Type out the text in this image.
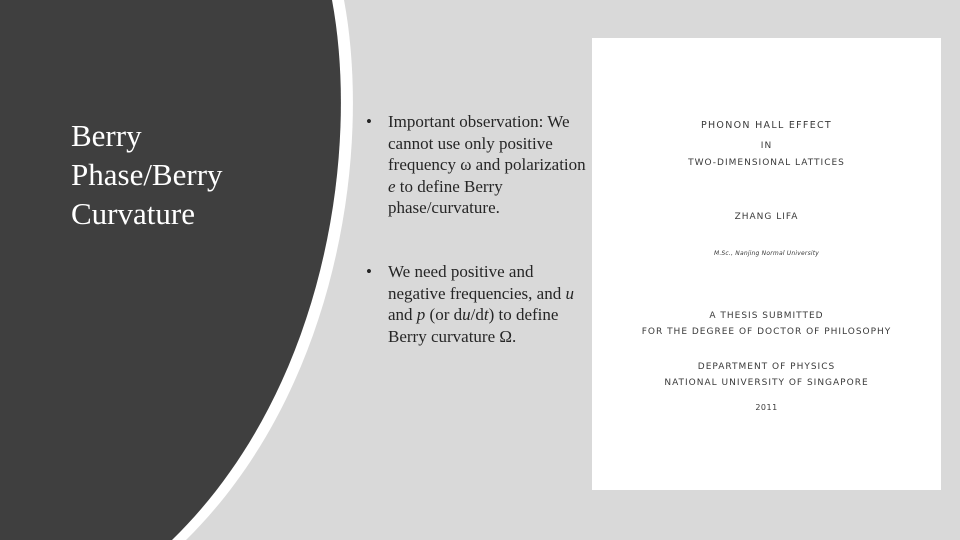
Berry Phase/Berry Curvature
• Important observation: We cannot use only positive frequency ω and polarization e to define Berry phase/curvature.
• We need positive and negative frequencies, and u and p (or du/dt) to define Berry curvature Ω.
PHONON HALL EFFECT
IN
TWO-DIMENSIONAL LATTICES
ZHANG LIFA
M.Sc., Nanjing Normal University
A THESIS SUBMITTED
FOR THE DEGREE OF DOCTOR OF PHILOSOPHY
DEPARTMENT OF PHYSICS
NATIONAL UNIVERSITY OF SINGAPORE
2011
